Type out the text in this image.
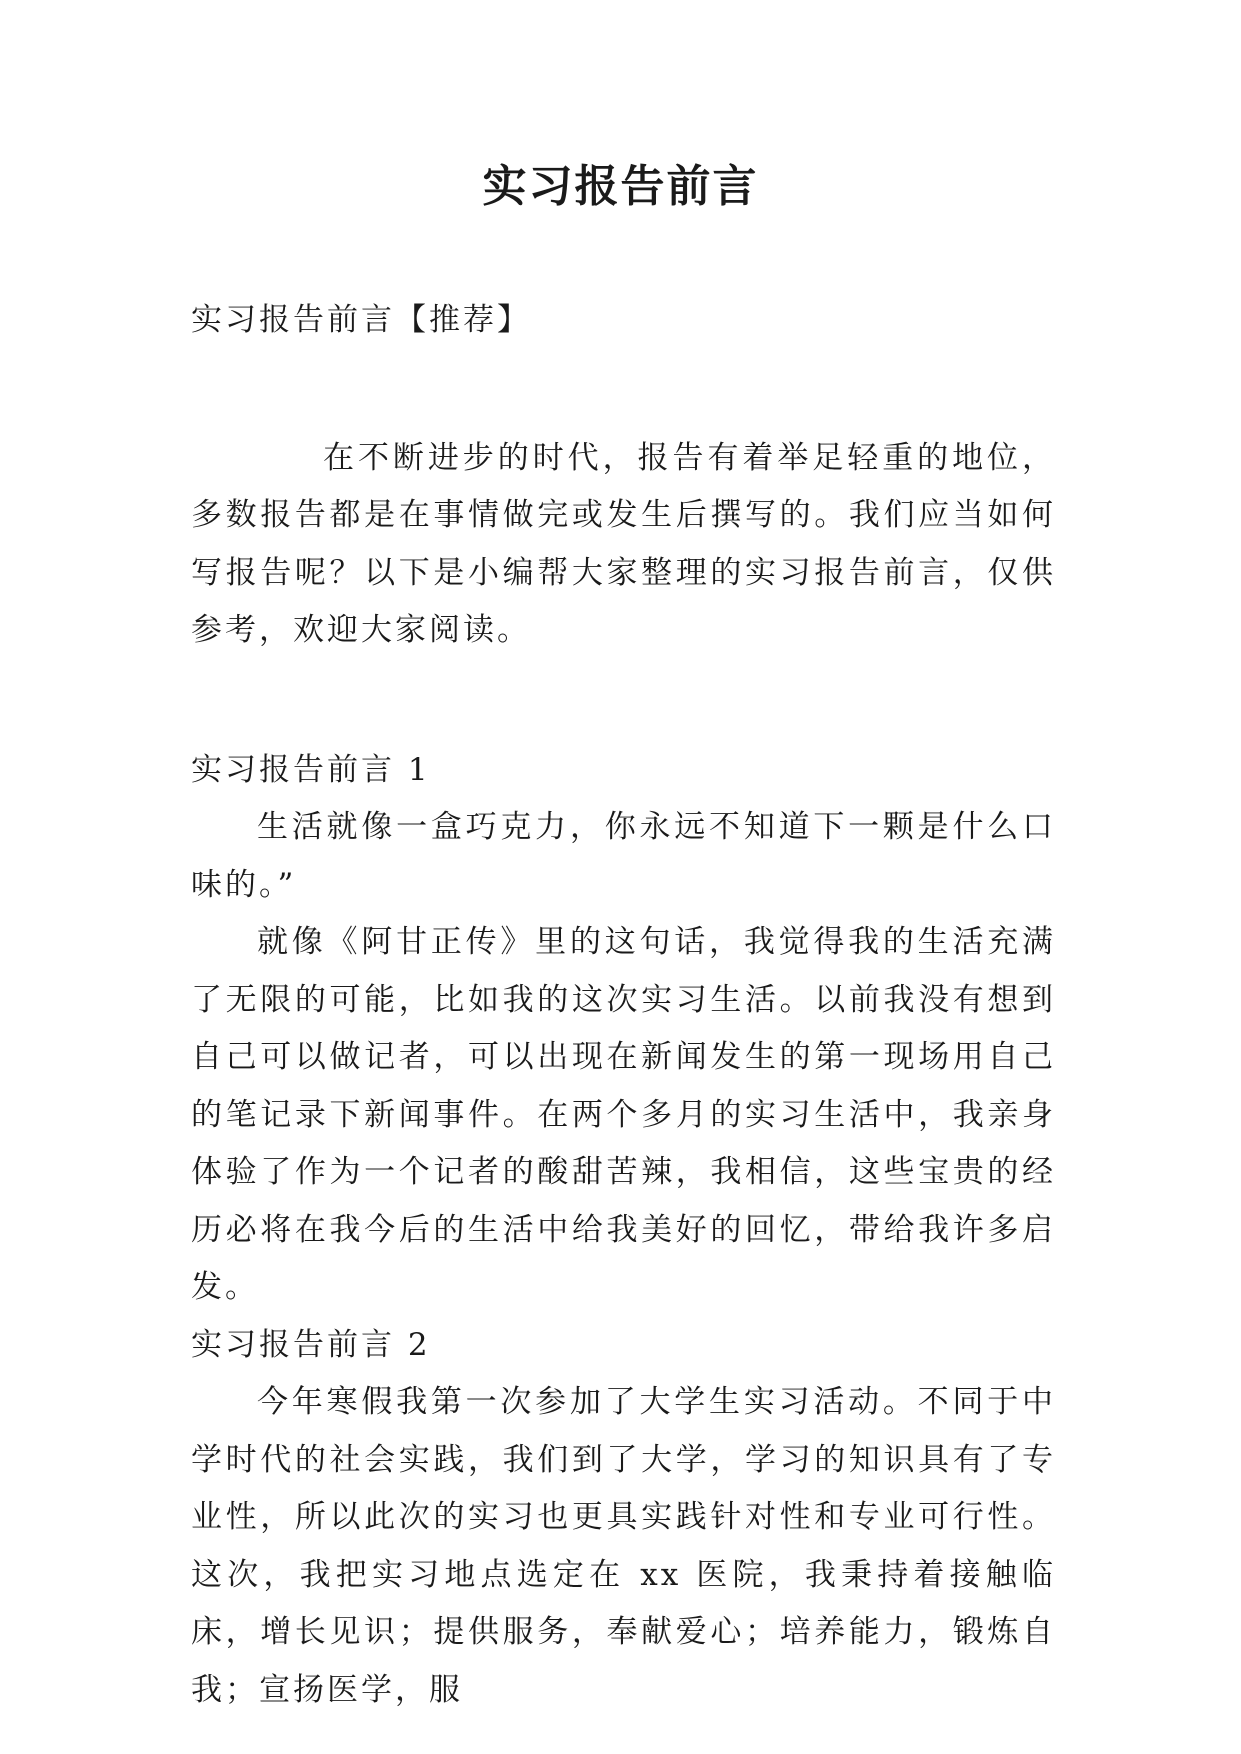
实习报告前言

实习报告前言【推荐】

在不断进步的时代，报告有着举足轻重的地位，多数报告都是在事情做完或发生后撰写的。我们应当如何写报告呢？以下是小编帮大家整理的实习报告前言，仅供参考，欢迎大家阅读。

实习报告前言 1

生活就像一盒巧克力，你永远不知道下一颗是什么口味的。”

就像《阿甘正传》里的这句话，我觉得我的生活充满了无限的可能，比如我的这次实习生活。以前我没有想到自己可以做记者，可以出现在新闻发生的第一现场用自己的笔记录下新闻事件。在两个多月的实习生活中，我亲身体验了作为一个记者的酸甜苦辣，我相信，这些宝贵的经历必将在我今后的生活中给我美好的回忆，带给我许多启发。

实习报告前言 2

今年寒假我第一次参加了大学生实习活动。不同于中学时代的社会实践，我们到了大学，学习的知识具有了专业性，所以此次的实习也更具实践针对性和专业可行性。这次，我把实习地点选定在 xx 医院，我秉持着接触临床，增长见识；提供服务，奉献爱心；培养能力，锻炼自我；宣扬医学，服
